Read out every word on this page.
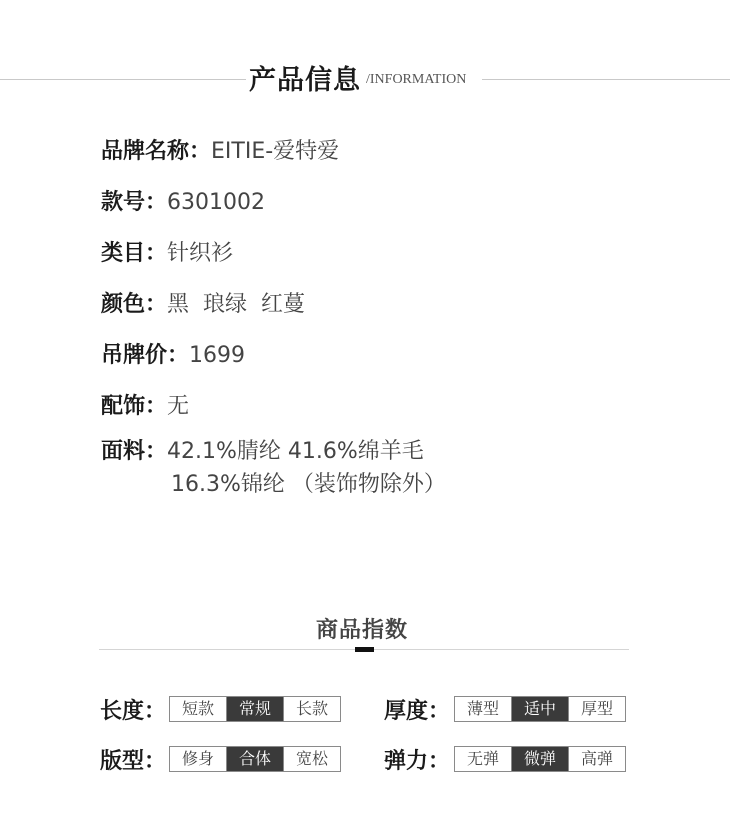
产品信息 /INFORMATION
品牌名称：EITIE-爱特爱
款号：6301002
类目：针织衫
颜色：黑  琅绿  红蔓
吊牌价：1699
配饰：无
面料：42.1%腈纶 41.6%绵羊毛
16.3%锦纶 （装饰物除外）
商品指数
长度： 短款	常规	长款	厚度：	薄型	适中	厚型
版型： 修身	合体	宽松	弹力：	无弹	微弹	高弹
